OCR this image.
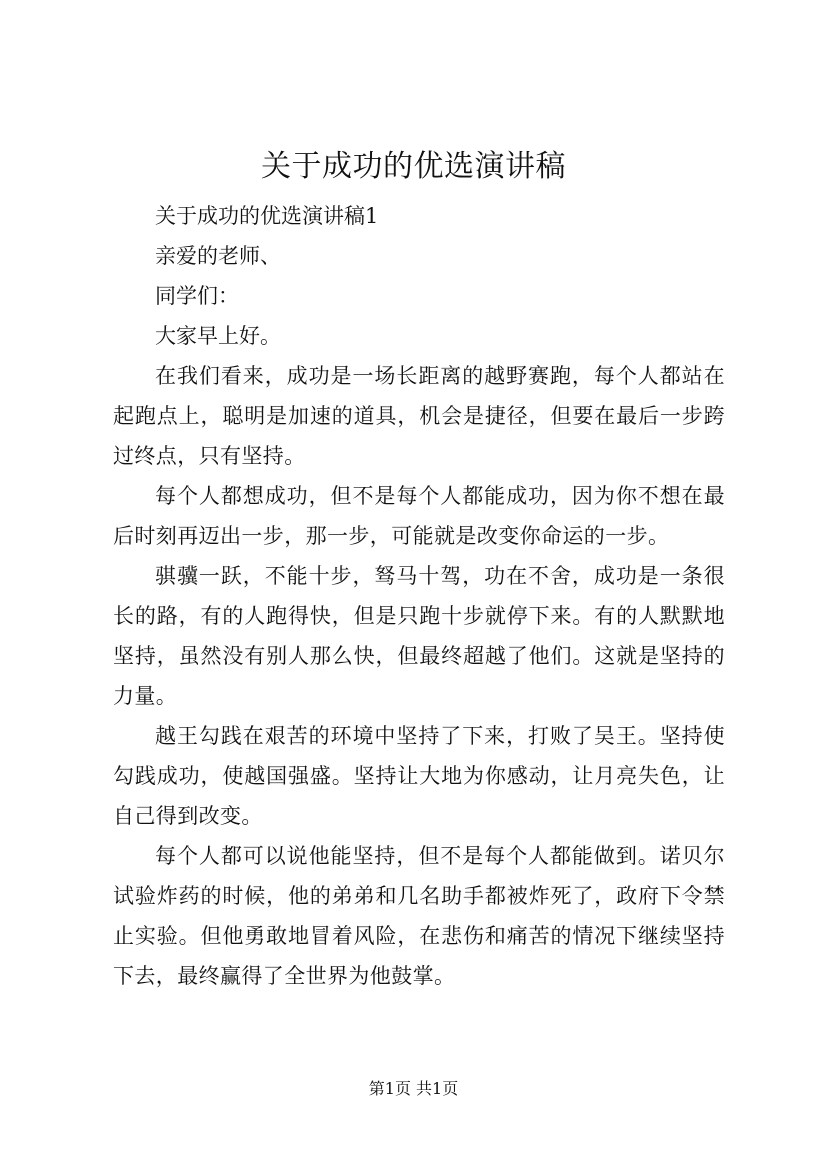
关于成功的优选演讲稿

关于成功的优选演讲稿1

亲爱的老师、

同学们：

大家早上好。

在我们看来，成功是一场长距离的越野赛跑，每个人都站在起跑点上，聪明是加速的道具，机会是捷径，但要在最后一步跨过终点，只有坚持。

每个人都想成功，但不是每个人都能成功，因为你不想在最后时刻再迈出一步，那一步，可能就是改变你命运的一步。

骐骥一跃，不能十步，驽马十驾，功在不舍，成功是一条很长的路，有的人跑得快，但是只跑十步就停下来。有的人默默地坚持，虽然没有别人那么快，但最终超越了他们。这就是坚持的力量。

越王勾践在艰苦的环境中坚持了下来，打败了吴王。坚持使勾践成功，使越国强盛。坚持让大地为你感动，让月亮失色，让自己得到改变。

每个人都可以说他能坚持，但不是每个人都能做到。诺贝尔试验炸药的时候，他的弟弟和几名助手都被炸死了，政府下令禁止实验。但他勇敢地冒着风险，在悲伤和痛苦的情况下继续坚持下去，最终赢得了全世界为他鼓掌。

第1页 共1页
